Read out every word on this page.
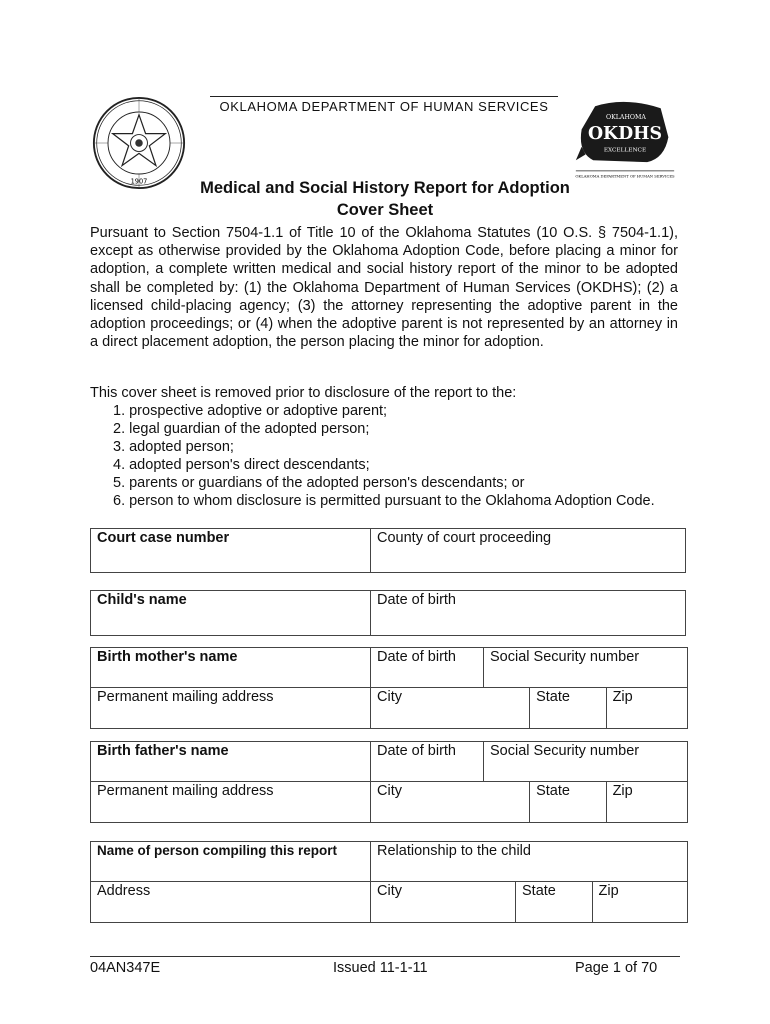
1907
OKLAHOMA DEPARTMENT OF HUMAN SERVICES
OKLAHOMA
OKDHS
EXCELLENCE
OKLAHOMA DEPARTMENT OF HUMAN SERVICES
Medical and Social History Report for Adoption
Cover Sheet

Pursuant to Section 7504-1.1 of Title 10 of the Oklahoma Statutes (10 O.S. § 7504-1.1), except as otherwise provided by the Oklahoma Adoption Code, before placing a minor for adoption, a complete written medical and social history report of the minor to be adopted shall be completed by: (1) the Oklahoma Department of Human Services (OKDHS); (2) a licensed child-placing agency; (3) the attorney representing the adoptive parent in the adoption proceedings; or (4) when the adoptive parent is not represented by an attorney in a direct placement adoption, the person placing the minor for adoption.

This cover sheet is removed prior to disclosure of the report to the:

1. prospective adoptive or adoptive parent;
2. legal guardian of the adopted person;
3. adopted person;
4. adopted person's direct descendants;
5. parents or guardians of the adopted person's descendants; or
6. person to whom disclosure is permitted pursuant to the Oklahoma Adoption Code.
Court case number	County of court proceeding
Child's name	Date of birth
Birth mother's name	Date of birth	Social Security number
Permanent mailing address	City		State	Zip
Birth father's name	Date of birth	Social Security number
Permanent mailing address	City		State	Zip
Name of person compiling this report	Relationship to the child
Address	City		State	Zip
04AN347E	Issued 11-1-11	Page 1 of 70
